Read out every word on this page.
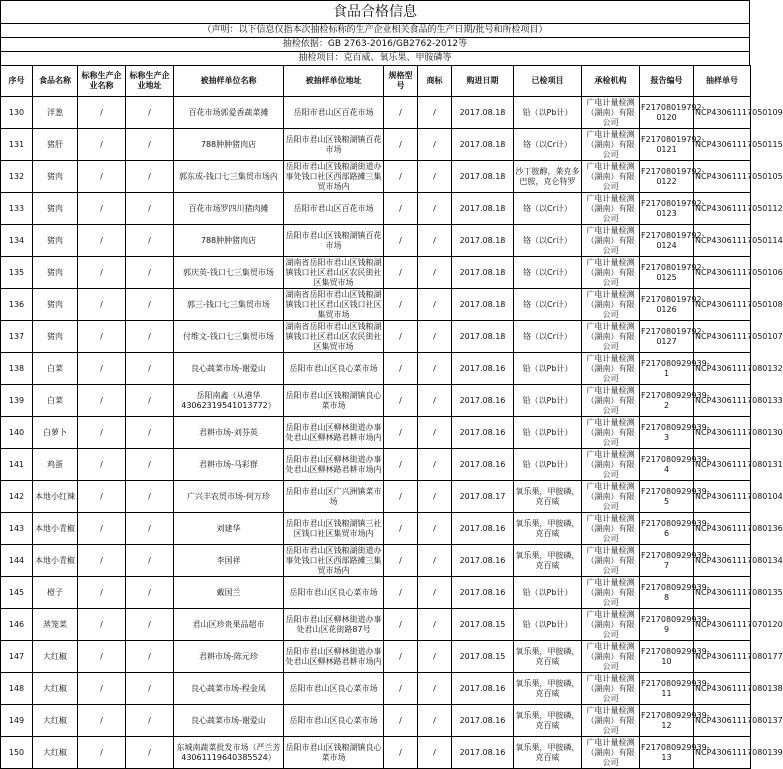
食品合格信息
（声明：以下信息仅指本次抽检标称的生产企业相关食品的生产日期/批号和所检项目）
抽检依据：GB 2763-2016/GB2762-2012等
抽检项目：克百威、氧乐果、甲胺磷等
序号	食品名称	标称生产企业名称	标称生产企业地址	被抽样单位名称	被抽样单位地址	规格型号	商标	购进日期	已检项目	承检机构	报告编号	抽样单号
130	洋葱	/	/	百花市场郭爱香蔬菜摊	岳阳市君山区百花市场	/	/	2017.08.18	铅（以Pb计）	广电计量检测（湖南）有限公司	F21708019792-0120	NCP43061117050109
131	猪肝	/	/	788肿肿猪肉店	岳阳市君山区钱粮湖镇百花市场	/	/	2017.08.18	铬（以Cr计）	广电计量检测（湖南）有限公司	F21708019792-0121	NCP43061117050115
132	猪肉	/	/	郭东成-钱口七三集贸市场内	岳阳市君山区钱粮湖街道办事处钱口社区西部路摊三集贸市场内	/	/	2017.08.18	沙丁胺醇，莱克多巴胺，克仑特罗	广电计量检测（湖南）有限公司	F21708019792-0122	NCP43061117050105
133	猪肉	/	/	百花市场罗四川猪肉摊	岳阳市君山区百花市场	/	/	2017.08.18	铬（以Cr计）	广电计量检测（湖南）有限公司	F21708019792-0123	NCP43061117050112
134	猪肉	/	/	788肿肿猪肉店	岳阳市君山区钱粮湖镇百花市场	/	/	2017.08.18	铬（以Cr计）	广电计量检测（湖南）有限公司	F21708019792-0124	NCP43061117050114
135	猪肉	/	/	郭庆英-钱口七三集贸市场	湖南省岳阳市君山区钱粮湖镇钱口社区君山区农民街社区集贸市场	/	/	2017.08.18	铬（以Cr计）	广电计量检测（湖南）有限公司	F21708019792-0125	NCP43061117050106
136	猪肉	/	/	郭三-钱口七三集贸市场	湖南省岳阳市君山区钱粮湖镇钱口社区君山区钱口社区集贸市场	/	/	2017.08.18	铬（以Cr计）	广电计量检测（湖南）有限公司	F21708019792-0126	NCP43061117050108
137	猪肉	/	/	付维文-钱口七三集贸市场	湖南省岳阳市君山区钱粮湖镇钱口社区君山区农民街社区集贸市场	/	/	2017.08.18	铬（以Cr计）	广电计量检测（湖南）有限公司	F21708019792-0127	NCP43061117050107
138	白菜	/	/	良心蔬菜市场-谢爱山	岳阳市君山区良心菜市场	/	/	2017.08.16	铅（以Pb计）	广电计量检测（湖南）有限公司	F217080929939-1	NCP43061117080132
139	白菜	/	/	岳阳南鑫（从港华43062319541013772）	岳阳市君山区钱粮湖镇良心菜市场	/	/	2017.08.16	铅（以Pb计）	广电计量检测（湖南）有限公司	F217080929939-2	NCP43061117080133
140	白萝卜	/	/	君耕市场-刘芬英	岳阳市君山区柳林街道办事处君山区柳林路君耕市场内	/	/	2017.08.16	铅（以Pb计）	广电计量检测（湖南）有限公司	F217080929939-3	NCP43061117080130
141	鸡蛋	/	/	君耕市场-马彩群	岳阳市君山区柳林街道办事处君山区柳林路君耕市场内	/	/	2017.08.16	铅（以Pb计）	广电计量检测（湖南）有限公司	F217080929939-4	NCP43061117080131
142	本地小红辣	/	/	广兴丰农贸市场-何万珍	岳阳市君山区广兴洲镇菜市场	/	/	2017.08.17	氧乐果，甲胺磷，克百威	广电计量检测（湖南）有限公司	F217080929939-5	NCP43061117080104
143	本地小青椒	/	/	刘建华	岳阳市君山区钱粮湖镇三社区钱口社区集贸市场内	/	/	2017.08.16	氧乐果，甲胺磷，克百威	广电计量检测（湖南）有限公司	F217080929939-6	NCP43061117080136
144	本地小青椒	/	/	李国祥	岳阳市君山区钱粮湖街道办事处钱口社区西部路摊三集贸市场内	/	/	2017.08.16	氧乐果，甲胺磷，克百威	广电计量检测（湖南）有限公司	F217080929939-7	NCP43061117080134
145	橙子	/	/	戴国兰	岳阳市君山区良心菜市场	/	/	2017.08.16	铅（以Pb计）	广电计量检测（湖南）有限公司	F217080929939-8	NCP43061117080135
146	蒸笼菜	/	/	君山区珍贵果品超市	岳阳市君山区柳林街道办事处君山区花街路87号	/	/	2017.08.15	铅（以Pb计）	广电计量检测（湖南）有限公司	F217080929939-9	NCP43061117070120
147	大红椒	/	/	君耕市场-陈元珍	岳阳市君山区柳林街道办事处君山区柳林路君耕市场内	/	/	2017.08.15	氧乐果，甲胺磷，克百威	广电计量检测（湖南）有限公司	F217080929939-10	NCP43061117080177
148	大红椒	/	/	良心蔬菜市场-程金凤	岳阳市君山区良心菜市场	/	/	2017.08.16	氧乐果，甲胺磷，克百威	广电计量检测（湖南）有限公司	F217080929939-11	NCP43061117080138
149	大红椒	/	/	良心蔬菜市场-谢爱山	岳阳市君山区良心菜市场	/	/	2017.08.16	氧乐果，甲胺磷，克百威	广电计量检测（湖南）有限公司	F217080929939-12	NCP43061117080137
150	大红椒	/	/	东城南蔬菜批发市场（严兰芳43061119640385524）	岳阳市君山区钱粮湖镇良心菜市场	/	/	2017.08.16	氧乐果，甲胺磷，克百威	广电计量检测（湖南）有限公司	F217080929939-13	NCP43061117080139
